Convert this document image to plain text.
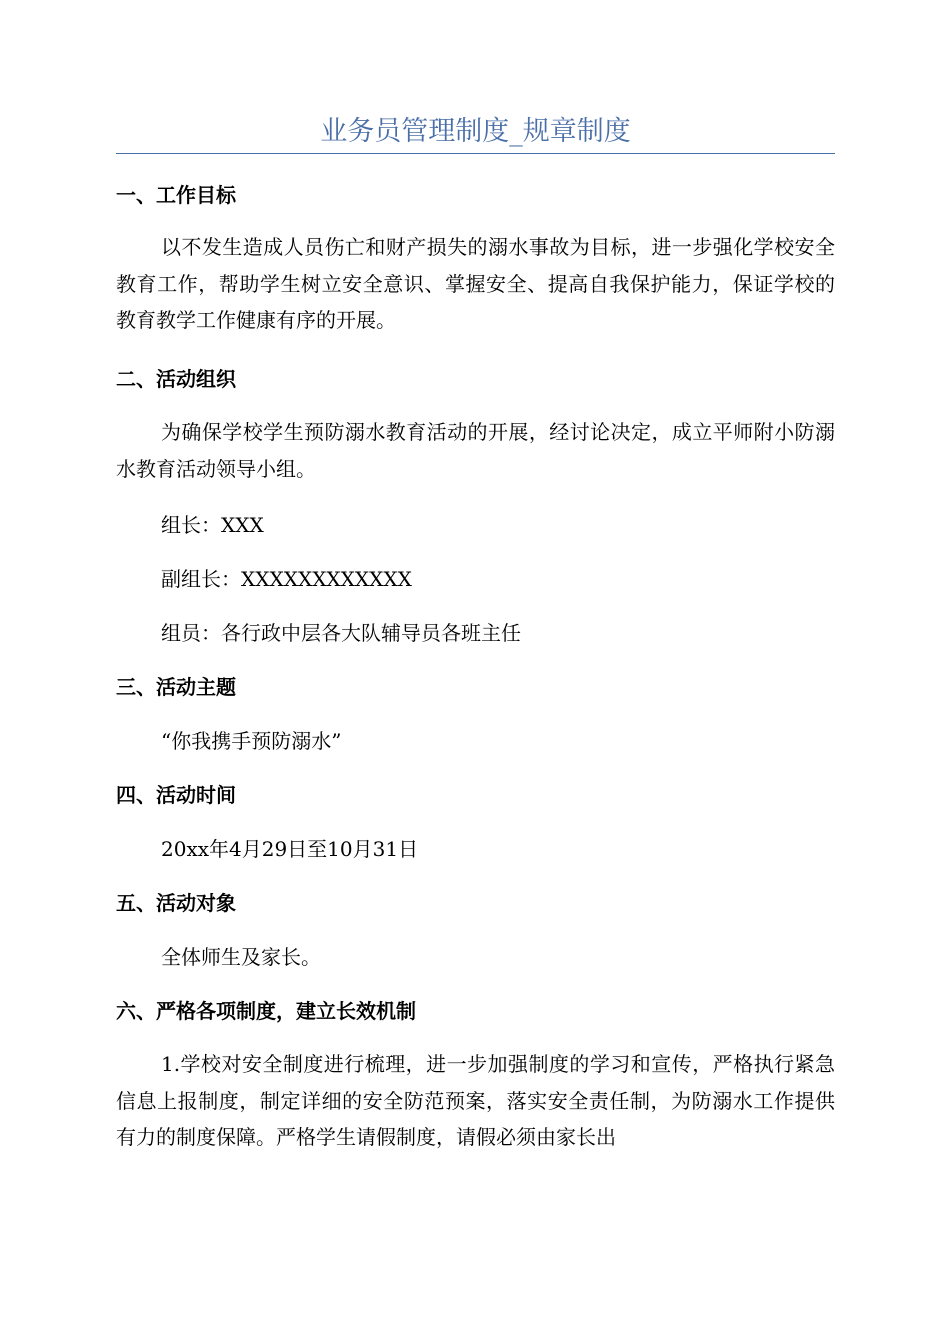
业务员管理制度_规章制度
一、工作目标

以不发生造成人员伤亡和财产损失的溺水事故为目标，进一步强化学校安全教育工作，帮助学生树立安全意识、掌握安全、提高自我保护能力，保证学校的教育教学工作健康有序的开展。

二、活动组织

为确保学校学生预防溺水教育活动的开展，经讨论决定，成立平师附小防溺水教育活动领导小组。

组长：XXX

副组长：XXXXXXXXXXXX

组员：各行政中层各大队辅导员各班主任

三、活动主题

“你我携手预防溺水”

四、活动时间

20xx年4月29日至10月31日

五、活动对象

全体师生及家长。

六、严格各项制度，建立长效机制

1.学校对安全制度进行梳理，进一步加强制度的学习和宣传，严格执行紧急信息上报制度，制定详细的安全防范预案，落实安全责任制，为防溺水工作提供有力的制度保障。严格学生请假制度，请假必须由家长出
